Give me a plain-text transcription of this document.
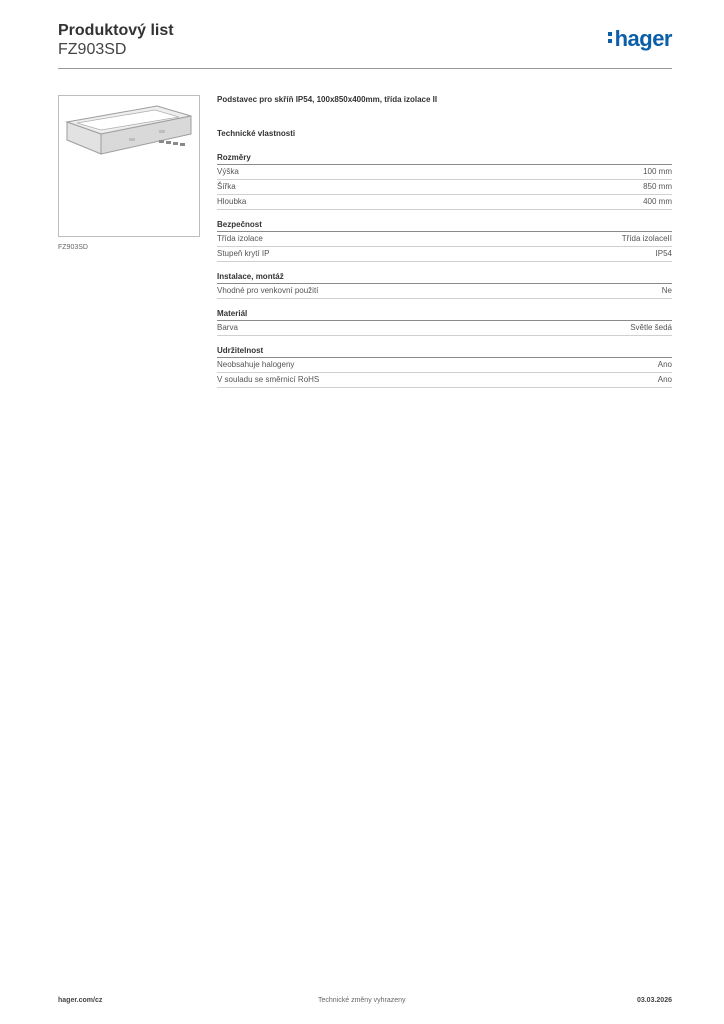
Produktový list
FZ903SD	hager
FZ903SD
Podstavec pro skříň IP54, 100x850x400mm, třída izolace II
Technické vlastnosti
Rozměry
Výška	100 mm
Šířka	850 mm
Hloubka	400 mm
Bezpečnost
Třída izolace	Třída izolaceII
Stupeň krytí IP	IP54
Instalace, montáž
Vhodné pro venkovní použití	Ne
Materiál
Barva	Světle šedá
Udržitelnost
Neobsahuje halogeny	Ano
V souladu se směrnicí RoHS	Ano
hager.com/cz	Technické změny vyhrazeny	03.03.2026
